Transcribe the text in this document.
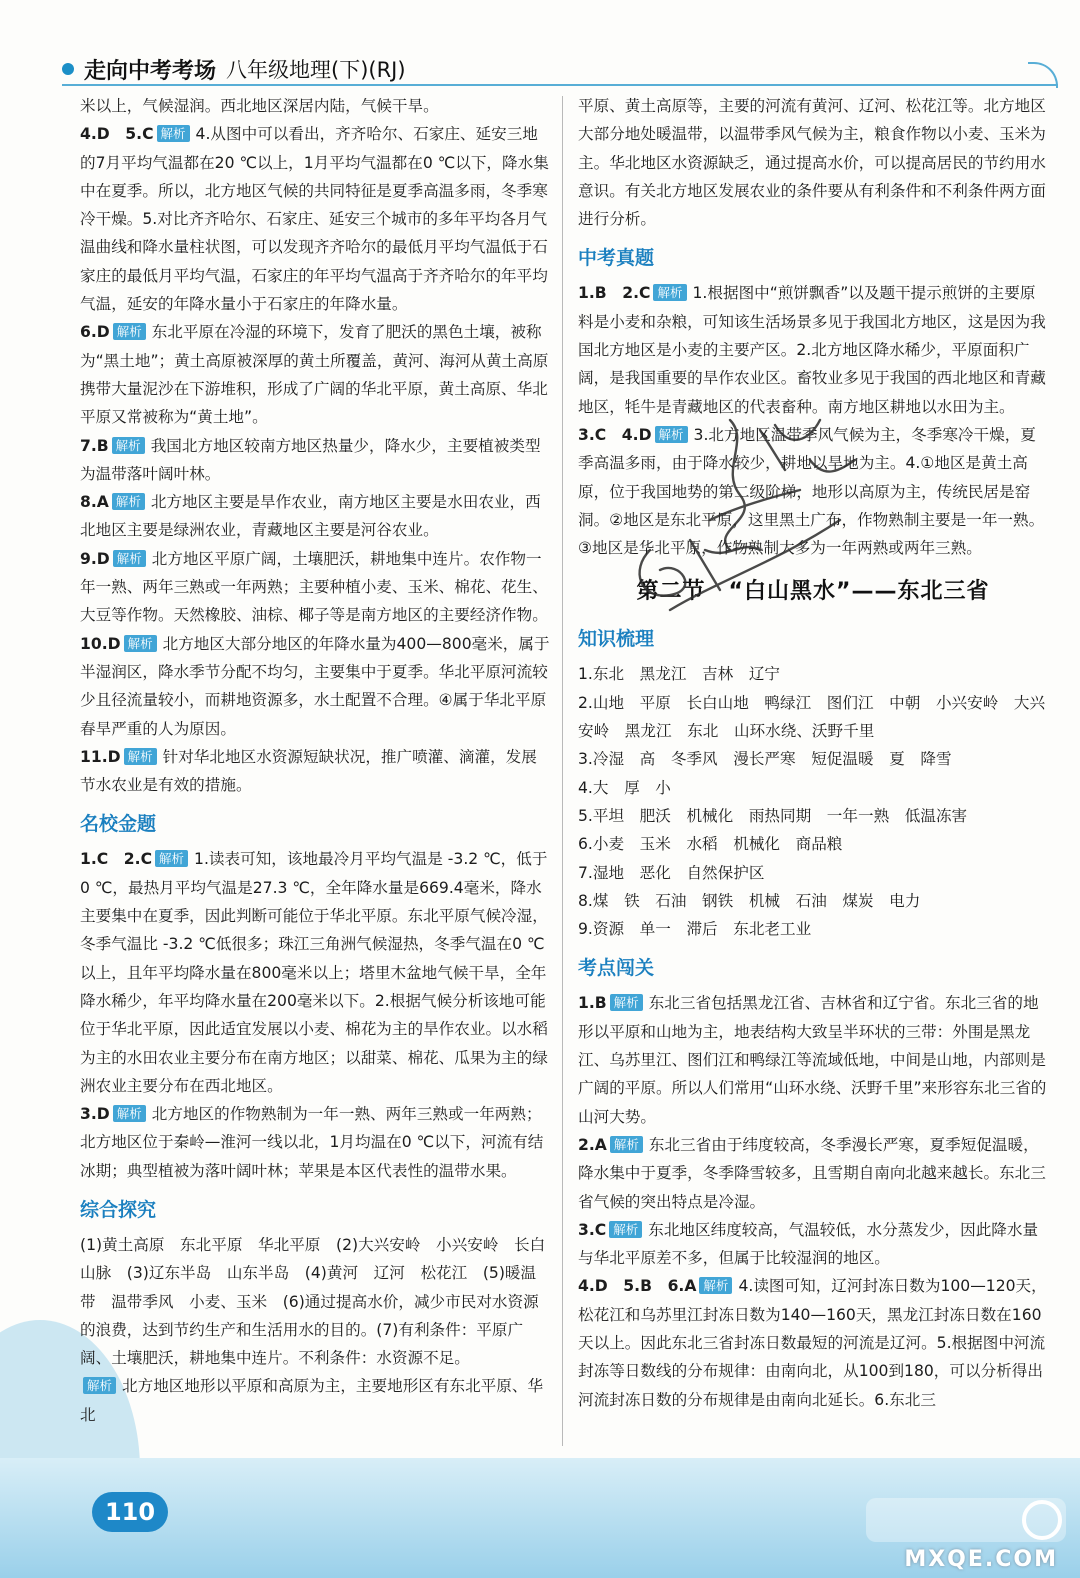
走向中考考场 八年级地理(下)(RJ)

米以上，气候湿润。西北地区深居内陆，气候干旱。

4.D　5.C 解析 4.从图中可以看出，齐齐哈尔、石家庄、延安三地的7月平均气温都在20 ℃以上，1月平均气温都在0 ℃以下，降水集中在夏季。所以，北方地区气候的共同特征是夏季高温多雨，冬季寒冷干燥。5.对比齐齐哈尔、石家庄、延安三个城市的多年平均各月气温曲线和降水量柱状图，可以发现齐齐哈尔的最低月平均气温低于石家庄的最低月平均气温，石家庄的年平均气温高于齐齐哈尔的年平均气温，延安的年降水量小于石家庄的年降水量。

6.D 解析 东北平原在冷湿的环境下，发育了肥沃的黑色土壤，被称为“黑土地”；黄土高原被深厚的黄土所覆盖，黄河、海河从黄土高原携带大量泥沙在下游堆积，形成了广阔的华北平原，黄土高原、华北平原又常被称为“黄土地”。

7.B 解析 我国北方地区较南方地区热量少，降水少，主要植被类型为温带落叶阔叶林。

8.A 解析 北方地区主要是旱作农业，南方地区主要是水田农业，西北地区主要是绿洲农业，青藏地区主要是河谷农业。

9.D 解析 北方地区平原广阔，土壤肥沃，耕地集中连片。农作物一年一熟、两年三熟或一年两熟；主要种植小麦、玉米、棉花、花生、大豆等作物。天然橡胶、油棕、椰子等是南方地区的主要经济作物。

10.D 解析 北方地区大部分地区的年降水量为400—800毫米，属于半湿润区，降水季节分配不均匀，主要集中于夏季。华北平原河流较少且径流量较小，而耕地资源多，水土配置不合理。④属于华北平原春旱严重的人为原因。

11.D 解析 针对华北地区水资源短缺状况，推广喷灌、滴灌，发展节水农业是有效的措施。

名校金题

1.C　2.C 解析 1.读表可知，该地最冷月平均气温是 -3.2 ℃，低于0 ℃，最热月平均气温是27.3 ℃，全年降水量是669.4毫米，降水主要集中在夏季，因此判断可能位于华北平原。东北平原气候冷湿，冬季气温比 -3.2 ℃低很多；珠江三角洲气候湿热，冬季气温在0 ℃以上，且年平均降水量在800毫米以上；塔里木盆地气候干旱，全年降水稀少，年平均降水量在200毫米以下。2.根据气候分析该地可能位于华北平原，因此适宜发展以小麦、棉花为主的旱作农业。以水稻为主的水田农业主要分布在南方地区；以甜菜、棉花、瓜果为主的绿洲农业主要分布在西北地区。

3.D 解析 北方地区的作物熟制为一年一熟、两年三熟或一年两熟；北方地区位于秦岭—淮河一线以北，1月均温在0 ℃以下，河流有结冰期；典型植被为落叶阔叶林；苹果是本区代表性的温带水果。

综合探究

(1)黄土高原　东北平原　华北平原　(2)大兴安岭　小兴安岭　长白山脉　(3)辽东半岛　山东半岛　(4)黄河　辽河　松花江　(5)暖温带　温带季风　小麦、玉米　(6)通过提高水价，减少市民对水资源的浪费，达到节约生产和生活用水的目的。(7)有利条件：平原广阔、土壤肥沃，耕地集中连片。不利条件：水资源不足。

解析 北方地区地形以平原和高原为主，主要地形区有东北平原、华北

平原、黄土高原等，主要的河流有黄河、辽河、松花江等。北方地区大部分地处暖温带，以温带季风气候为主，粮食作物以小麦、玉米为主。华北地区水资源缺乏，通过提高水价，可以提高居民的节约用水意识。有关北方地区发展农业的条件要从有利条件和不利条件两方面进行分析。

中考真题

1.B　2.C 解析 1.根据图中“煎饼飘香”以及题干提示煎饼的主要原料是小麦和杂粮，可知该生活场景多见于我国北方地区，这是因为我国北方地区是小麦的主要产区。2.北方地区降水稀少，平原面积广阔，是我国重要的旱作农业区。畜牧业多见于我国的西北地区和青藏地区，牦牛是青藏地区的代表畜种。南方地区耕地以水田为主。

3.C　4.D 解析 3.北方地区温带季风气候为主，冬季寒冷干燥，夏季高温多雨，由于降水较少，耕地以旱地为主。4.①地区是黄土高原，位于我国地势的第二级阶梯，地形以高原为主，传统民居是窑洞。②地区是东北平原，这里黑土广布，作物熟制主要是一年一熟。③地区是华北平原，作物熟制大多为一年两熟或两年三熟。

第二节　“白山黑水”——东北三省
知识梳理

1.东北　黑龙江　吉林　辽宁

2.山地　平原　长白山地　鸭绿江　图们江　中朝　小兴安岭　大兴安岭　黑龙江　东北　山环水绕、沃野千里

3.冷湿　高　冬季风　漫长严寒　短促温暖　夏　降雪

4.大　厚　小

5.平坦　肥沃　机械化　雨热同期　一年一熟　低温冻害

6.小麦　玉米　水稻　机械化　商品粮

7.湿地　恶化　自然保护区

8.煤　铁　石油　钢铁　机械　石油　煤炭　电力

9.资源　单一　滞后　东北老工业

考点闯关

1.B 解析 东北三省包括黑龙江省、吉林省和辽宁省。东北三省的地形以平原和山地为主，地表结构大致呈半环状的三带：外围是黑龙江、乌苏里江、图们江和鸭绿江等流域低地，中间是山地，内部则是广阔的平原。所以人们常用“山环水绕、沃野千里”来形容东北三省的山河大势。

2.A 解析 东北三省由于纬度较高，冬季漫长严寒，夏季短促温暖，降水集中于夏季，冬季降雪较多，且雪期自南向北越来越长。东北三省气候的突出特点是冷湿。

3.C 解析 东北地区纬度较高，气温较低，水分蒸发少，因此降水量与华北平原差不多，但属于比较湿润的地区。

4.D　5.B　6.A 解析 4.读图可知，辽河封冻日数为100—120天，松花江和乌苏里江封冻日数为140—160天，黑龙江封冻日数在160天以上。因此东北三省封冻日数最短的河流是辽河。5.根据图中河流封冻等日数线的分布规律：由南向北，从100到180，可以分析得出河流封冻日数的分布规律是由南向北延长。6.东北三

110
MXQE.COM
